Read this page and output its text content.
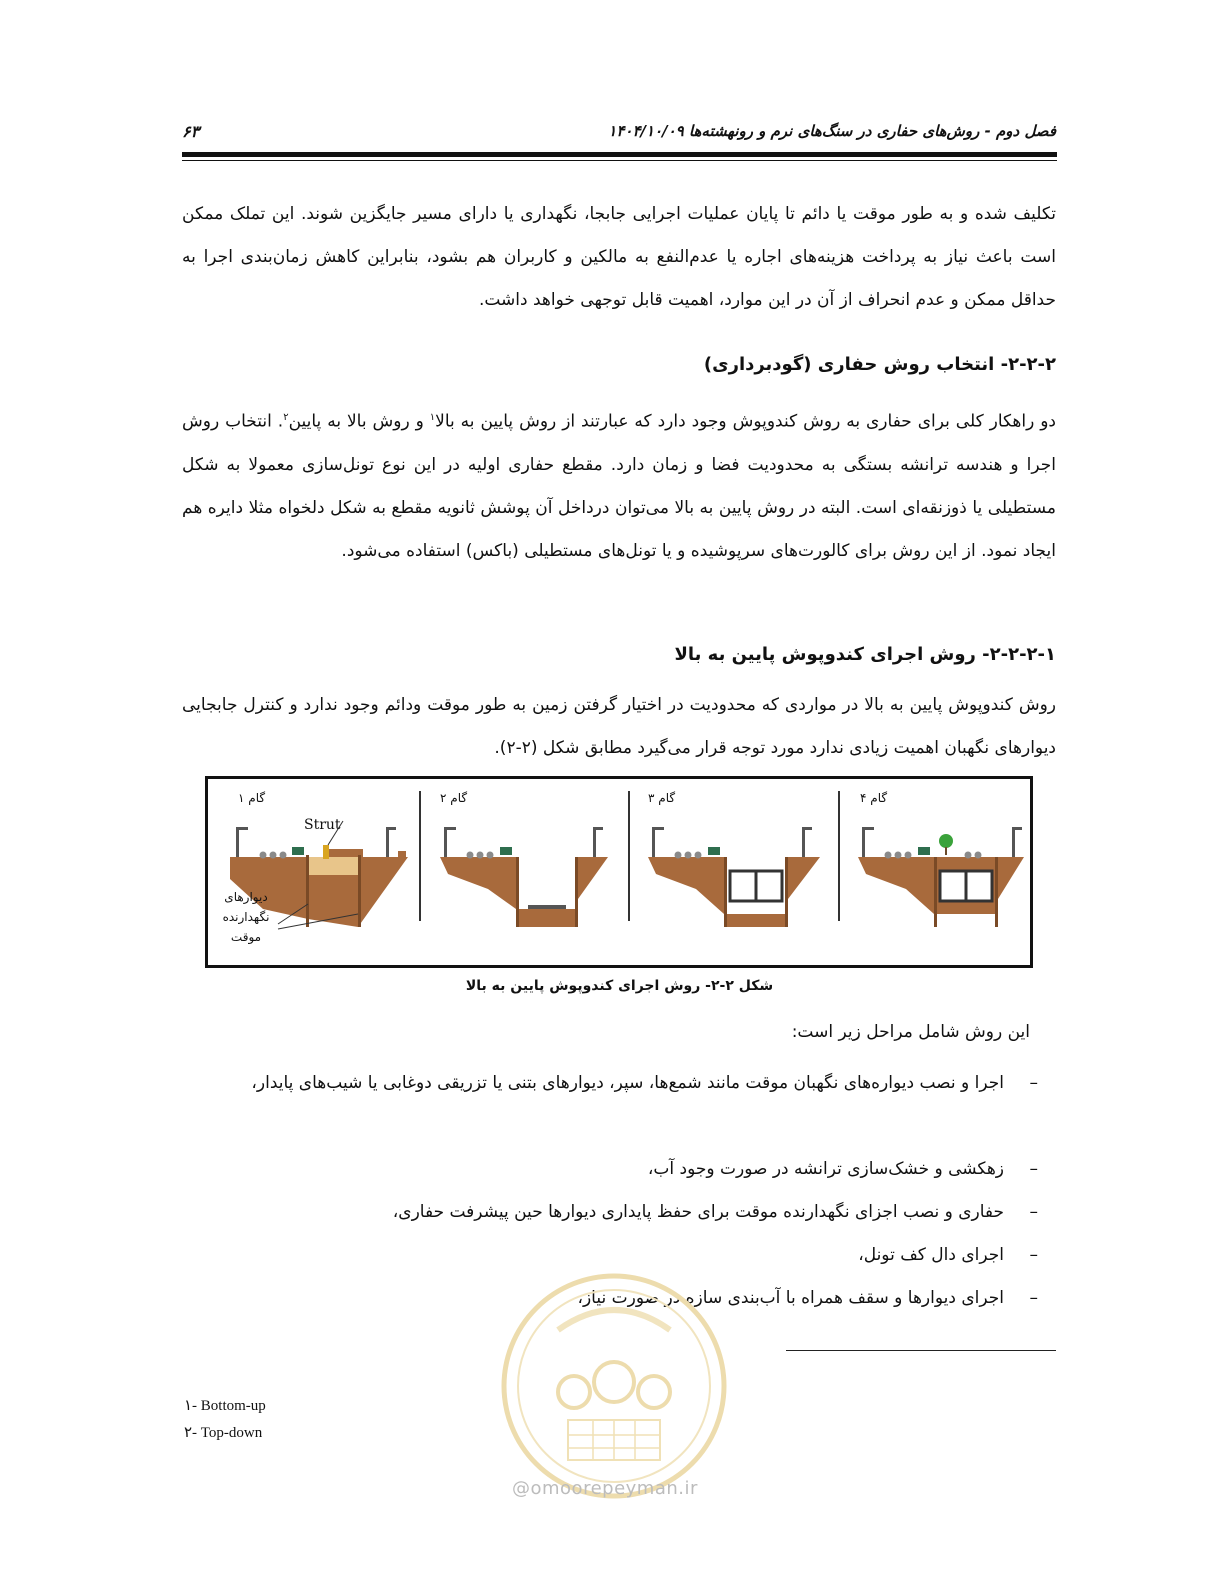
فصل دوم - روش‌های حفاری در سنگ‌های نرم و رونهشته‌ها ۱۴۰۴/۱۰/۰۹
۶۳
تکلیف شده و به طور موقت یا دائم تا پایان عملیات اجرایی جابجا، نگهداری یا دارای مسیر جایگزین شوند. این تملک ممکن است باعث نیاز به پرداخت هزینه‌های اجاره یا عدم‌النفع به مالکین و کاربران هم بشود، بنابراین کاهش زمان‌بندی اجرا به حداقل ممکن و عدم انحراف از آن در این موارد، اهمیت قابل توجهی خواهد داشت.
۲-۲-۲- انتخاب روش حفاری (گودبرداری)
دو راهکار کلی برای حفاری به روش کندوپوش وجود دارد که عبارتند از روش پایین به بالا$^۱$ و روش بالا به پایین$^۲$. انتخاب روش اجرا و هندسه ترانشه بستگی به محدودیت فضا و زمان دارد. مقطع حفاری اولیه در این نوع تونل‌سازی معمولا به شکل مستطیلی یا ذوزنقه‌ای است. البته در روش پایین به بالا می‌توان درداخل آن پوشش ثانویه مقطع به شکل دلخواه مثلا دایره هم ایجاد نمود. از این روش برای کالورت‌های سرپوشیده و یا تونل‌های مستطیلی (باکس) استفاده می‌شود.
۲-۲-۲-۱- روش اجرای کندوپوش پایین به بالا
روش کندوپوش پایین به بالا در مواردی که محدودیت در اختیار گرفتن زمین به طور موقت ودائم وجود ندارد و کنترل جابجایی دیوارهای نگهبان اهمیت زیادی ندارد مورد توجه قرار می‌گیرد مطابق شکل (۲-۲).
گام ۱	گام ۲	گام ۳	گام ۴
Strut
دیوارهای
نگهدارنده
موقت
شکل ۲-۲- روش اجرای کندوپوش پایین به بالا
این روش شامل مراحل زیر است:
–
اجرا و نصب دیواره‌های نگهبان موقت مانند شمع‌ها، سپر، دیوارهای بتنی یا تزریقی دوغابی یا شیب‌های پایدار،
–
زهکشی و خشک‌سازی ترانشه در صورت وجود آب،
–
حفاری و نصب اجزای نگهدارنده موقت برای حفظ پایداری دیوارها حین پیشرفت حفاری،
–
اجرای دال کف تونل،
–
اجرای دیوارها و سقف همراه با آب‌بندی سازه در صورت نیاز،
@omoorepeyman.ir
۱- Bottom-up
۲- Top-down
